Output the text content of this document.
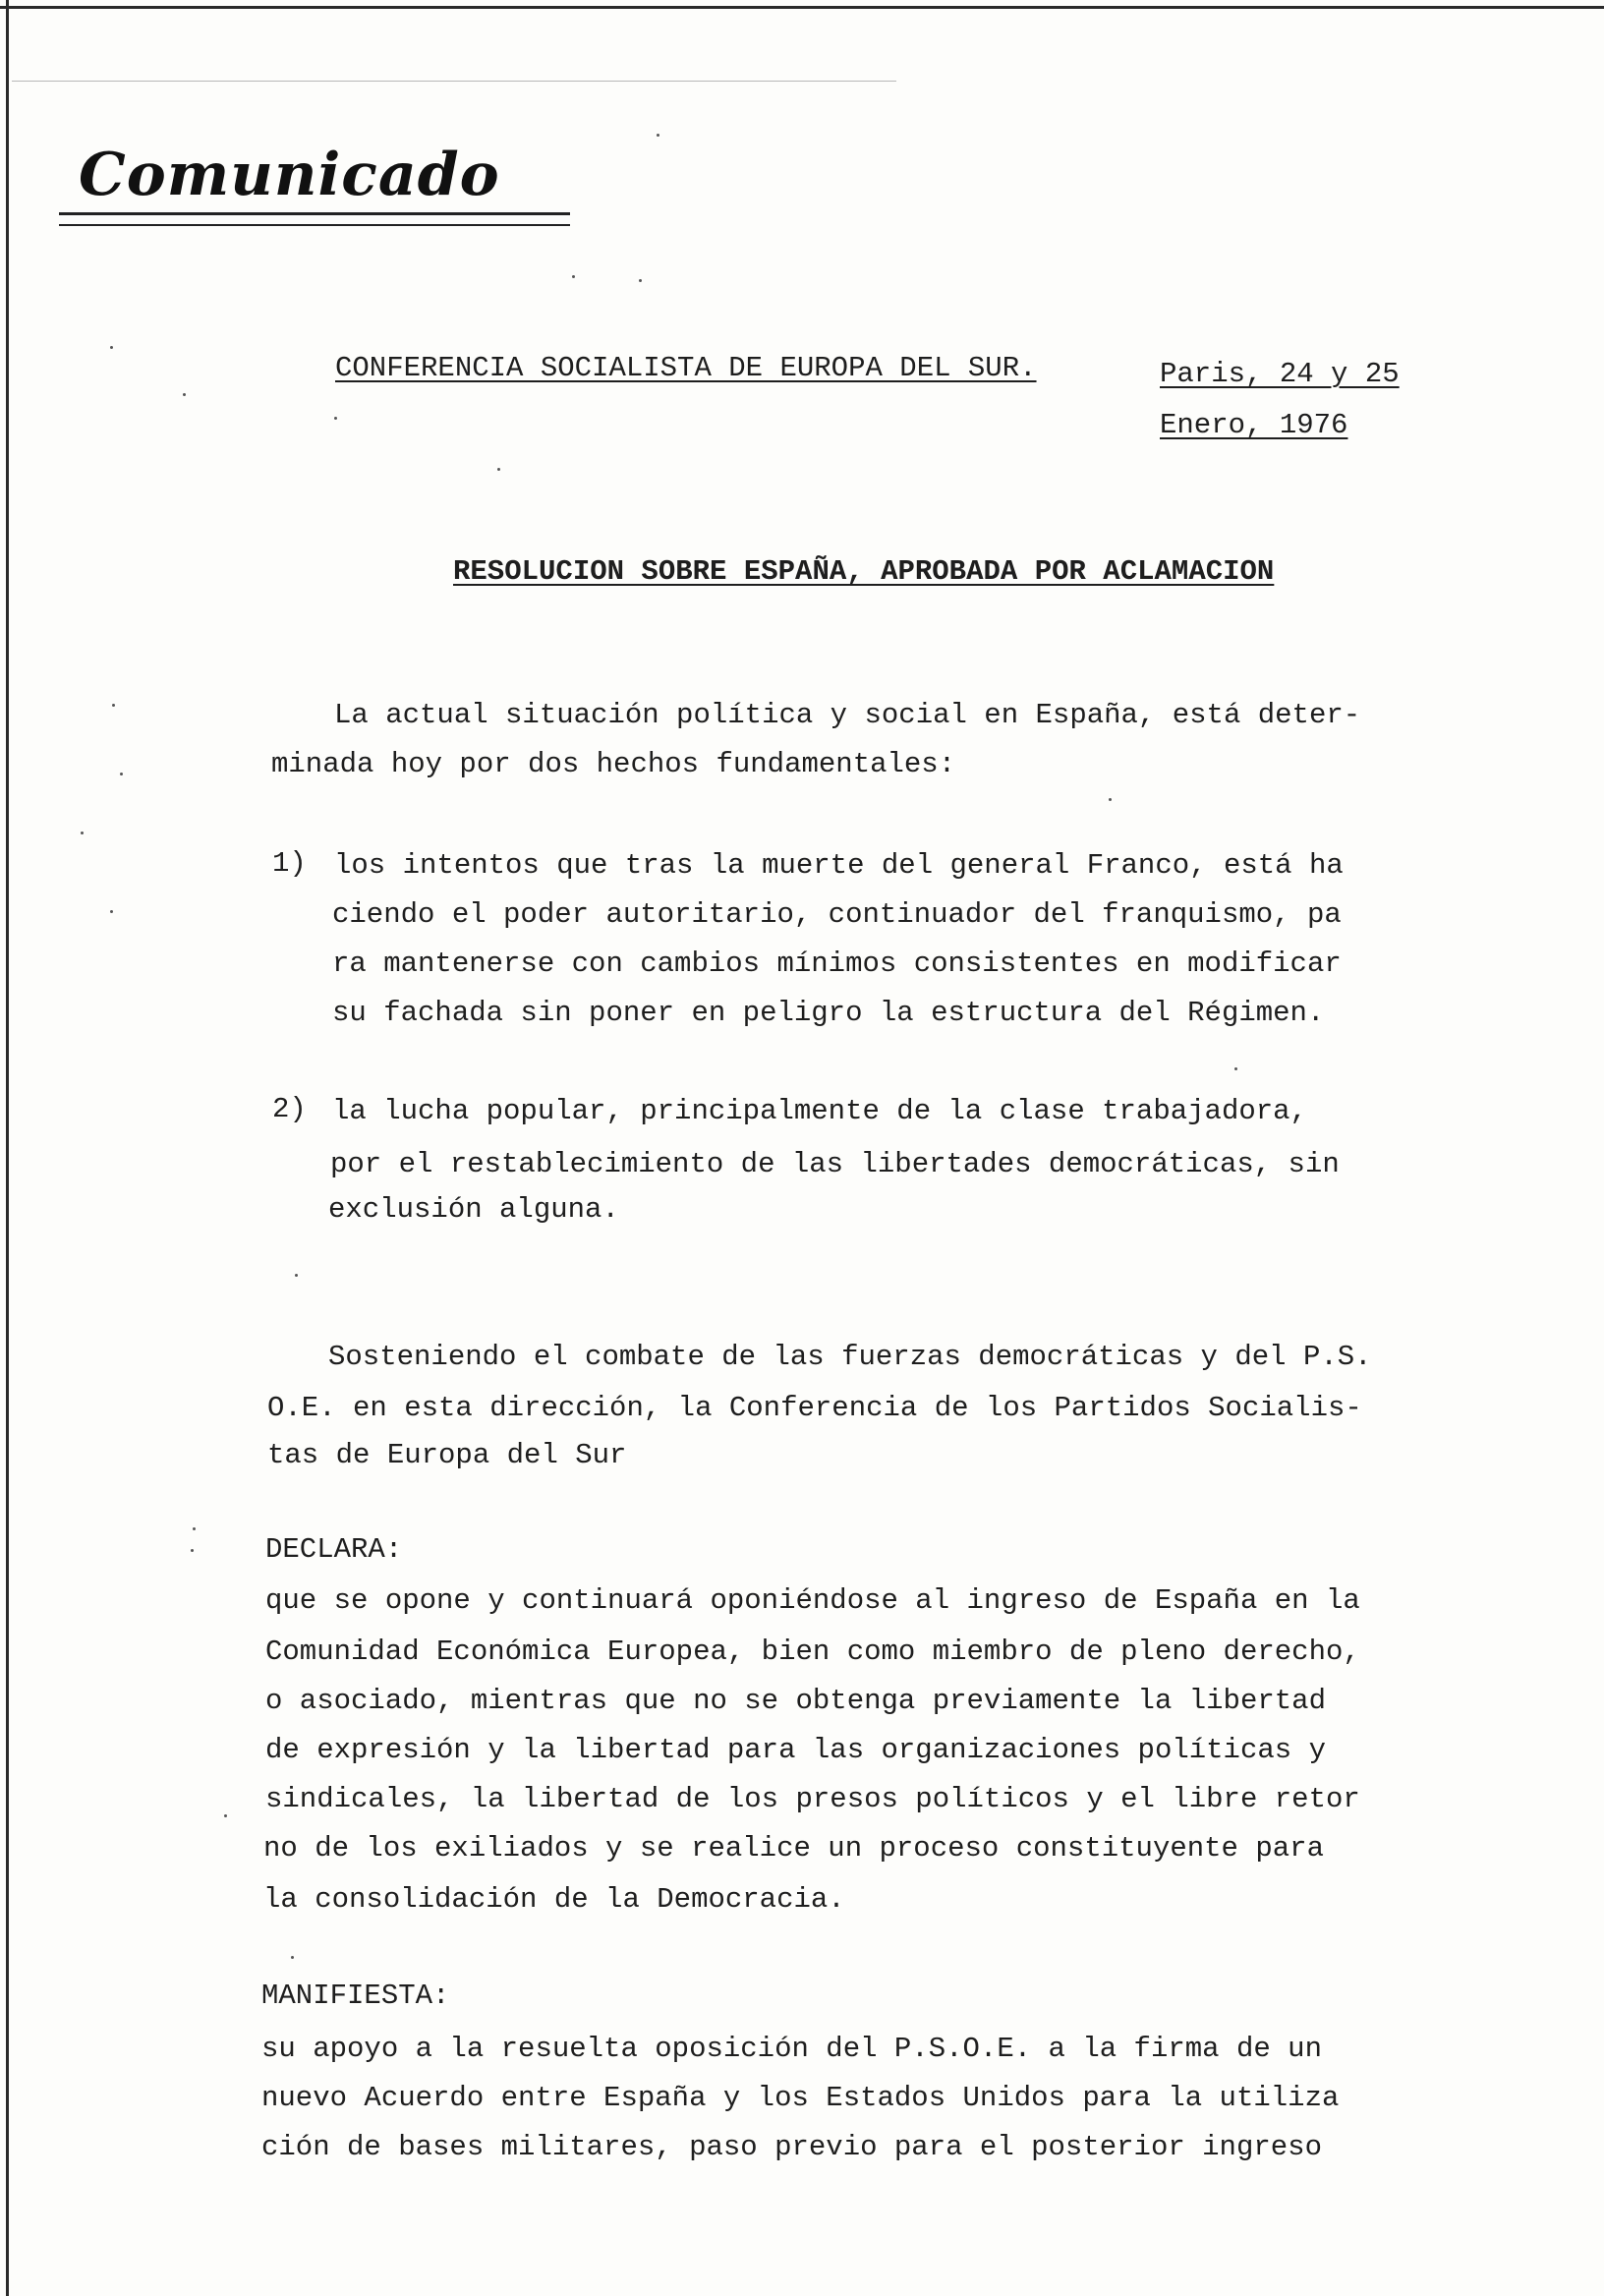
Comunicado
CONFERENCIA SOCIALISTA DE EUROPA DEL SUR.	Paris, 24 y 25
Enero, 1976
RESOLUCION SOBRE ESPAÑA, APROBADA POR ACLAMACION
La actual situación política y social en España, está deter-
minada hoy por dos hechos fundamentales:
1) los intentos que tras la muerte del general Franco, está ha
ciendo el poder autoritario, continuador del franquismo, pa
ra mantenerse con cambios mínimos consistentes en modificar
su fachada sin poner en peligro la estructura del Régimen.
2) la lucha popular, principalmente de la clase trabajadora,
por el restablecimiento de las libertades democráticas, sin
exclusión alguna.
Sosteniendo el combate de las fuerzas democráticas y del P.S.
O.E. en esta dirección, la Conferencia de los Partidos Socialis-
tas de Europa del Sur
DECLARA:
que se opone y continuará oponiéndose al ingreso de España en la
Comunidad Económica Europea, bien como miembro de pleno derecho,
o asociado, mientras que no se obtenga previamente la libertad
de expresión y la libertad para las organizaciones políticas y
sindicales, la libertad de los presos políticos y el libre retor
no de los exiliados y se realice un proceso constituyente para
la consolidación de la Democracia.
MANIFIESTA:
su apoyo a la resuelta oposición del P.S.O.E. a la firma de un
nuevo Acuerdo entre España y los Estados Unidos para la utiliza
ción de bases militares, paso previo para el posterior ingreso
